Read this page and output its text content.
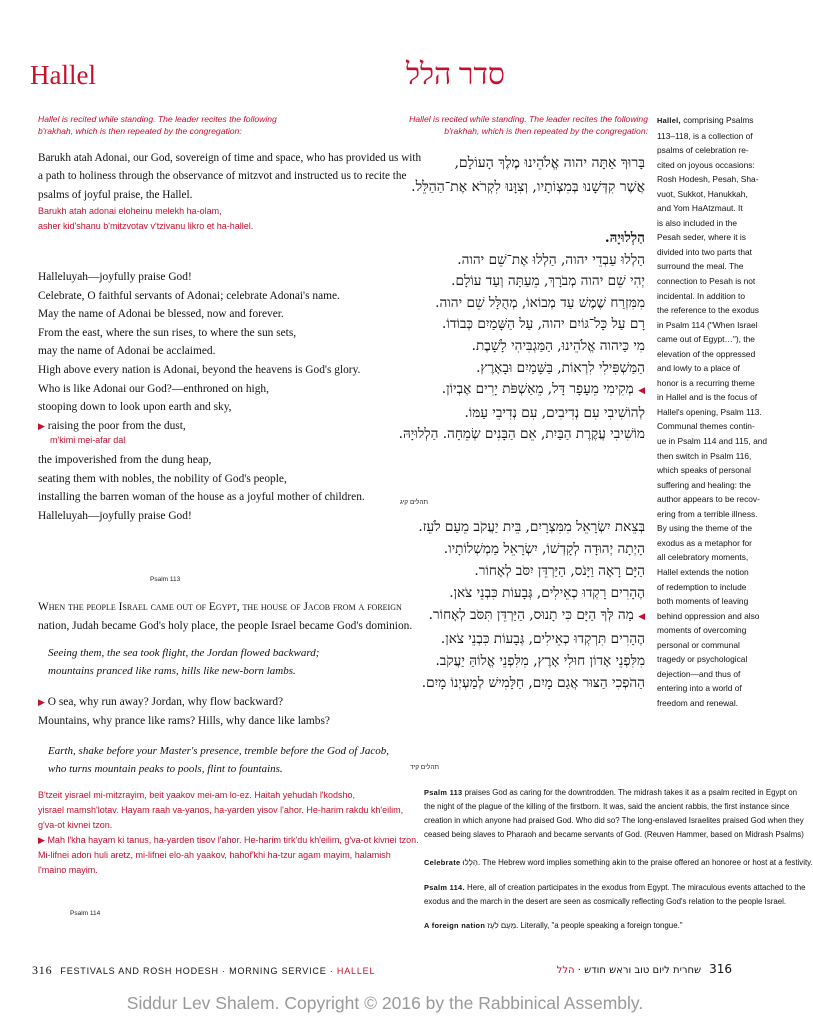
Hallel	סדר הלל
Hallel is recited while standing. The leader recites the following
b'rakhah, which is then repeated by the congregation:
Barukh atah Adonai, our God, sovereign of time and space, who has provided us with
a path to holiness through the observance of mitzvot and instructed us to recite the
psalms of joyful praise, the Hallel.
Barukh atah adonai eloheinu melekh ha-olam,
asher kid'shanu b'mitzvotav v'tzivanu likro et ha-hallel.
Halleluyah—joyfully praise God!
Celebrate, O faithful servants of Adonai; celebrate Adonai's name.
May the name of Adonai be blessed, now and forever.
From the east, where the sun rises, to where the sun sets,
may the name of Adonai be acclaimed.
High above every nation is Adonai, beyond the heavens is God's glory.
Who is like Adonai our God?—enthroned on high,
stooping down to look upon earth and sky,
▶ raising the poor from the dust,
m'kimi mei-afar dal
the impoverished from the dung heap,
seating them with nobles, the nobility of God's people,
installing the barren woman of the house as a joyful mother of children.
Halleluyah—joyfully praise God!
Psalm 113
When the people Israel came out of Egypt, the house of Jacob from a foreign
nation, Judah became God's holy place, the people Israel became God's dominion.
Seeing them, the sea took flight, the Jordan flowed backward;
mountains pranced like rams, hills like new-born lambs.
▶ O sea, why run away? Jordan, why flow backward?
Mountains, why prance like rams? Hills, why dance like lambs?
Earth, shake before your Master's presence, tremble before the God of Jacob,
who turns mountain peaks to pools, flint to fountains.
B'tzeit yisrael mi-mitzrayim, beit yaakov mei-am lo-ez. Haitah yehudah l'kodsho,
yisrael mamsh'lotav. Hayam raah va-yanos, ha-yarden yisov l'ahor. He-harim rakdu kh'eilim,
g'va-ot kivnei tzon.
▶ Mah l'kha hayam ki tanus, ha-yarden tisov l'ahor. He-harim tirk'du kh'eilim, g'va-ot kivnei tzon.
Mi-lifnei adon huli aretz, mi-lifnei elo-ah yaakov, hahof'khi ha-tzur agam mayim, halamish
l'maino mayim.
Psalm 114
Hallel is recited while standing. The leader recites the following
b'rakhah, which is then repeated by the congregation:
בָּרוּךְ אַתָּה יהוה אֱלֹהֵינוּ מֶלֶךְ הָעוֹלָם,
אֲשֶׁר קִדְּשָׁנוּ בְּמִצְוֹתָיו, וְצִוָּנוּ לִקְרֹא אֶת־הַהַלֵּל.
הַלְלוּיָהּ.
הַלְלוּ עַבְדֵי יהוה, הַלְלוּ אֶת־שֵׁם יהוה.
יְהִי שֵׁם יהוה מְבֹרָךְ, מֵעַתָּה וְעַד עוֹלָם.
מִמִּזְרַח שֶׁמֶשׁ עַד מְבוֹאוֹ, מְהֻלָּל שֵׁם יהוה.
רָם עַל כָּל־גּוֹיִם יהוה, עַל הַשָּׁמַיִם כְּבוֹדוֹ.
מִי כַּיהוה אֱלֹהֵינוּ, הַמַּגְבִּיהִי לָשָׁבֶת.
הַמַּשְׁפִּילִי לִרְאוֹת, בַּשָּׁמַיִם וּבָאָרֶץ.
◀ מְקִימִי מֵעָפָר דָּל, מֵאַשְׁפֹּת יָרִים אֶבְיוֹן.
לְהוֹשִׁיבִי עִם נְדִיבִים, עִם נְדִיבֵי עַמּוֹ.
מוֹשִׁיבִי עֲקֶרֶת הַבַּיִת, אֵם הַבָּנִים שְׂמֵחָה. הַלְלוּיָהּ.
תהלים קיג
בְּצֵאת יִשְׂרָאֵל מִמִּצְרָיִם, בֵּית יַעֲקֹב מֵעַם לֹעֵז.
הָיְתָה יְהוּדָה לְקָדְשׁוֹ, יִשְׂרָאֵל מַמְשְׁלוֹתָיו.
הַיָּם רָאָה וַיָּנֹס, הַיַּרְדֵּן יִסֹּב לְאָחוֹר.
הֶהָרִים רָקְדוּ כְאֵילִים, גְּבָעוֹת כִּבְנֵי צֹאן.
◀ מַה לְּךָ הַיָּם כִּי תָנוּס, הַיַּרְדֵּן תִּסֹּב לְאָחוֹר.
הֶהָרִים תִּרְקְדוּ כְאֵילִים, גְּבָעוֹת כִּבְנֵי צֹאן.
מִלִּפְנֵי אָדוֹן חוּלִי אָרֶץ, מִלִּפְנֵי אֱלוֹהַּ יַעֲקֹב.
הַהֹפְכִי הַצּוּר אֲגַם מָיִם, חַלָּמִישׁ לְמַעְיְנוֹ מָיִם.
תהלים קיד
Hallel, comprising Psalms
113–118, is a collection of
psalms of celebration re-
cited on joyous occasions:
Rosh Hodesh, Pesah, Sha-
vuot, Sukkot, Hanukkah,
and Yom HaAtzmaut. It
is also included in the
Pesah seder, where it is
divided into two parts that
surround the meal. The
connection to Pesah is not
incidental. In addition to
the reference to the exodus
in Psalm 114 ("When Israel
came out of Egypt…"), the
elevation of the oppressed
and lowly to a place of
honor is a recurring theme
in Hallel and is the focus of
Hallel's opening, Psalm 113.
Communal themes contin-
ue in Psalm 114 and 115, and
then switch in Psalm 116,
which speaks of personal
suffering and healing: the
author appears to be recov-
ering from a terrible illness.
By using the theme of the
exodus as a metaphor for
all celebratory moments,
Hallel extends the notion
of redemption to include
both moments of leaving
behind oppression and also
moments of overcoming
personal or communal
tragedy or psychological
dejection—and thus of
entering into a world of
freedom and renewal.
Psalm 113 praises God as caring for the downtrodden. The midrash takes it as a psalm recited in Egypt on
the night of the plague of the killing of the firstborn. It was, said the ancient rabbis, the first instance since
creation in which anyone had praised God. Who did so? The long-enslaved Israelites praised God when they
ceased being slaves to Pharaoh and became servants of God. (Reuven Hammer, based on Midrash Psalms)
Celebrate הַלְלוּ. The Hebrew word implies something akin to the praise offered an honoree or host at a festivity.
Psalm 114. Here, all of creation participates in the exodus from Egypt. The miraculous events attached to the
exodus and the march in the desert are seen as cosmically reflecting God's relation to the people Israel.
A foreign nation מֵעַם לֹעֵז. Literally, "a people speaking a foreign tongue."
316 FESTIVALS AND ROSH HODESH · MORNING SERVICE · HALLEL	316שחרית ליום טוב וראש חודש · הלל
Siddur Lev Shalem. Copyright © 2016 by the Rabbinical Assembly.
